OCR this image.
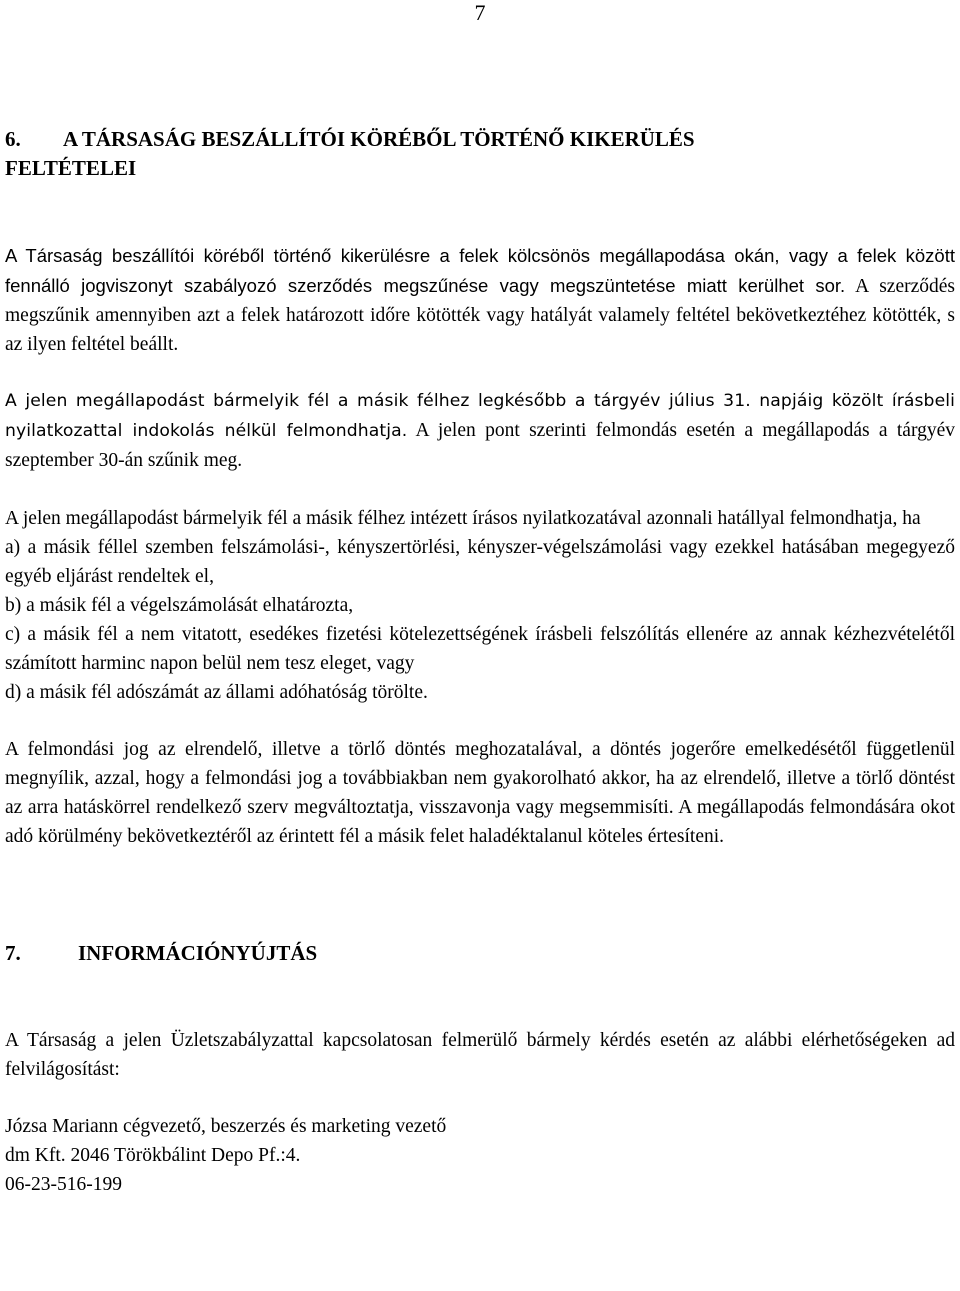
7
6. A TÁRSASÁG BESZÁLLÍTÓI KÖRÉBŐL TÖRTÉNŐ KIKERÜLÉS
FELTÉTELEI

A Társaság beszállítói köréből történő kikerülésre a felek kölcsönös megállapodása okán, vagy a felek között fennálló jogviszonyt szabályozó szerződés megszűnése vagy megszüntetése miatt kerülhet sor. A szerződés megszűnik amennyiben azt a felek határozott időre kötötték vagy hatályát valamely feltétel bekövetkeztéhez kötötték, s az ilyen feltétel beállt.

A jelen megállapodást bármelyik fél a másik félhez legkésőbb a tárgyév július 31. napjáig közölt írásbeli nyilatkozattal indokolás nélkül felmondhatja. A jelen pont szerinti felmondás esetén a megállapodás a tárgyév szeptember 30-án szűnik meg.

A jelen megállapodást bármelyik fél a másik félhez intézett írásos nyilatkozatával azonnali hatállyal felmondhatja, ha

a) a másik féllel szemben felszámolási-, kényszertörlési, kényszer-végelszámolási vagy ezekkel hatásában megegyező egyéb eljárást rendeltek el,

b) a másik fél a végelszámolását elhatározta,

c) a másik fél a nem vitatott, esedékes fizetési kötelezettségének írásbeli felszólítás ellenére az annak kézhezvételétől számított harminc napon belül nem tesz eleget, vagy

d) a másik fél adószámát az állami adóhatóság törölte.

A felmondási jog az elrendelő, illetve a törlő döntés meghozatalával, a döntés jogerőre emelkedésétől függetlenül megnyílik, azzal, hogy a felmondási jog a továbbiakban nem gyakorolható akkor, ha az elrendelő, illetve a törlő döntést az arra hatáskörrel rendelkező szerv megváltoztatja, visszavonja vagy megsemmisíti. A megállapodás felmondására okot adó körülmény bekövetkeztéről az érintett fél a másik felet haladéktalanul köteles értesíteni.

7.	INFORMÁCIÓNYÚJTÁS

A Társaság a jelen Üzletszabályzattal kapcsolatosan felmerülő bármely kérdés esetén az alábbi elérhetőségeken ad felvilágosítást:

Józsa Mariann cégvezető, beszerzés és marketing vezető

dm Kft. 2046 Törökbálint Depo Pf.:4.

06-23-516-199
